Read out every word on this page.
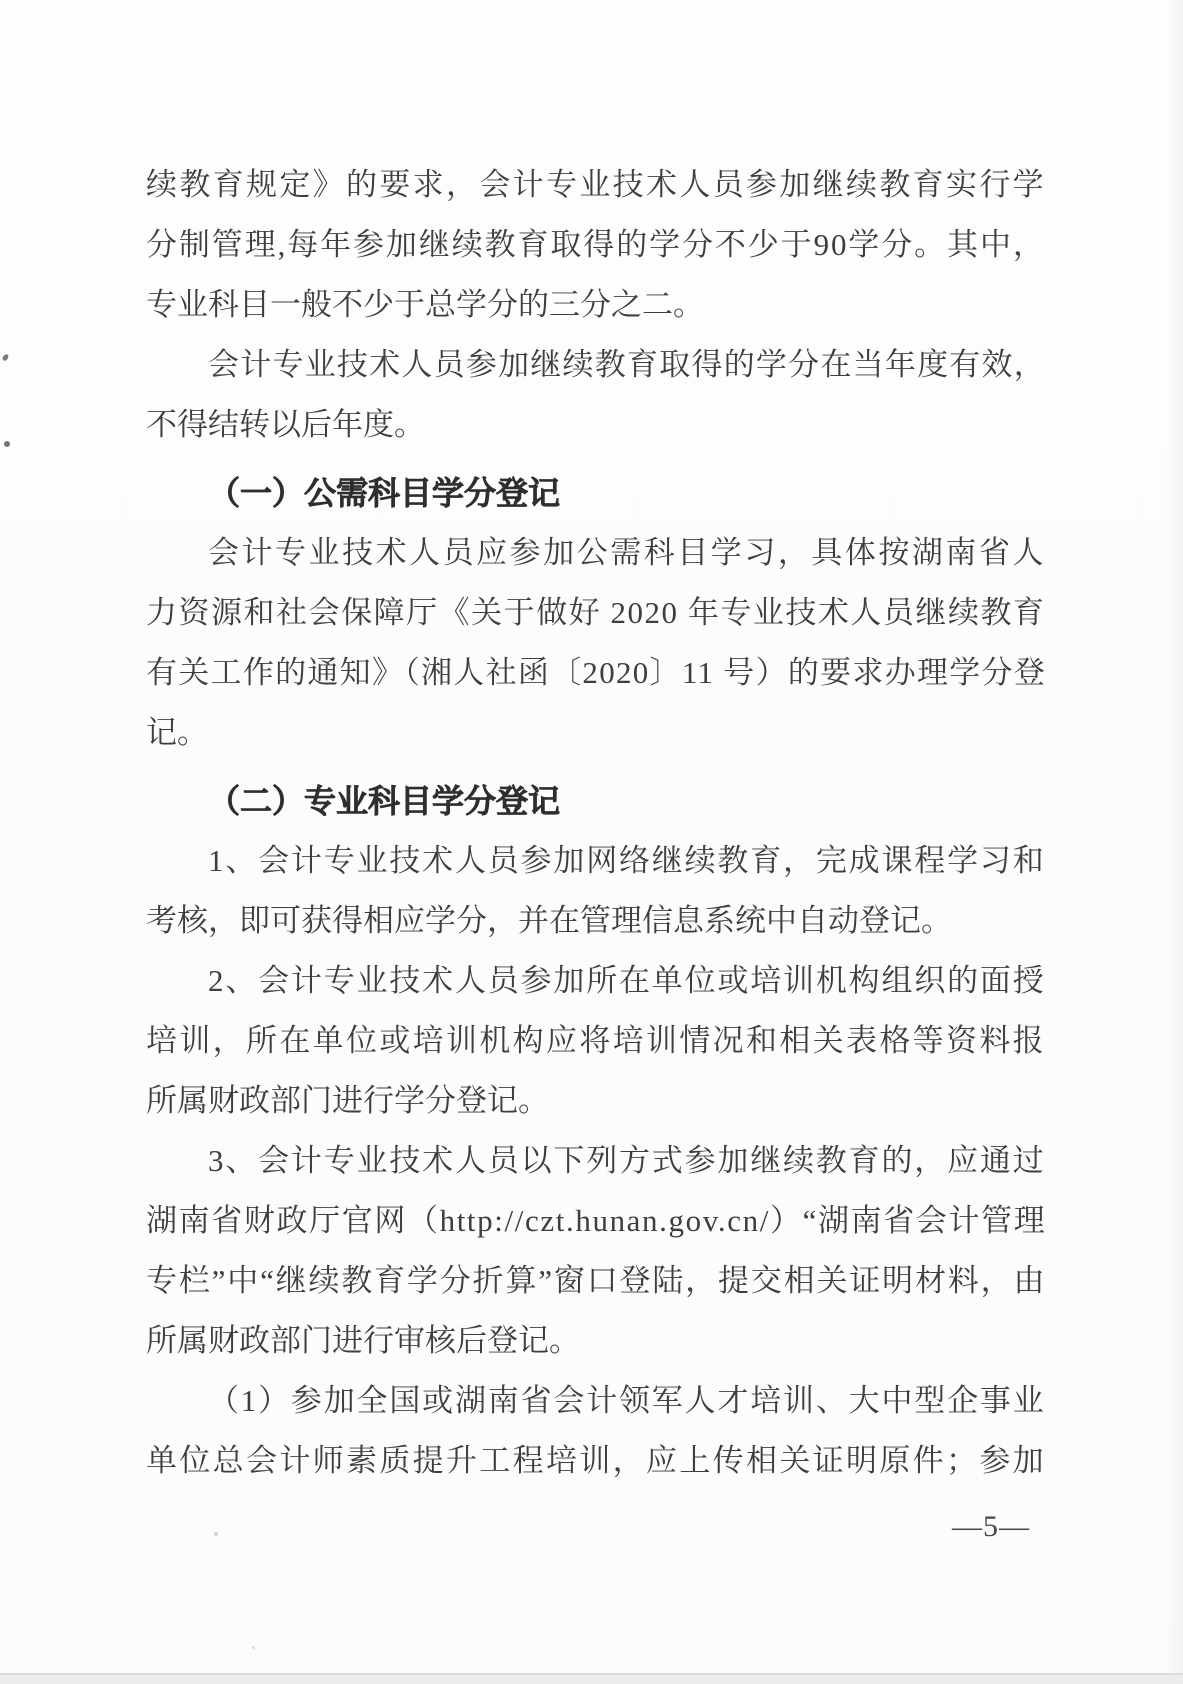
续教育规定》的要求，会计专业技术人员参加继续教育实行学
分制管理,每年参加继续教育取得的学分不少于90学分。其中，
专业科目一般不少于总学分的三分之二。
会计专业技术人员参加继续教育取得的学分在当年度有效，
不得结转以后年度。
（一）公需科目学分登记
会计专业技术人员应参加公需科目学习，具体按湖南省人
力资源和社会保障厅《关于做好 2020 年专业技术人员继续教育
有关工作的通知》（湘人社函〔2020〕11 号）的要求办理学分登
记。
（二）专业科目学分登记
1、会计专业技术人员参加网络继续教育，完成课程学习和
考核，即可获得相应学分，并在管理信息系统中自动登记。
2、会计专业技术人员参加所在单位或培训机构组织的面授
培训，所在单位或培训机构应将培训情况和相关表格等资料报
所属财政部门进行学分登记。
3、会计专业技术人员以下列方式参加继续教育的，应通过
湖南省财政厅官网（http://czt.hunan.gov.cn/）“湖南省会计管理
专栏”中“继续教育学分折算”窗口登陆，提交相关证明材料，由
所属财政部门进行审核后登记。
（1）参加全国或湖南省会计领军人才培训、大中型企事业
单位总会计师素质提升工程培训，应上传相关证明原件；参加
—5—
